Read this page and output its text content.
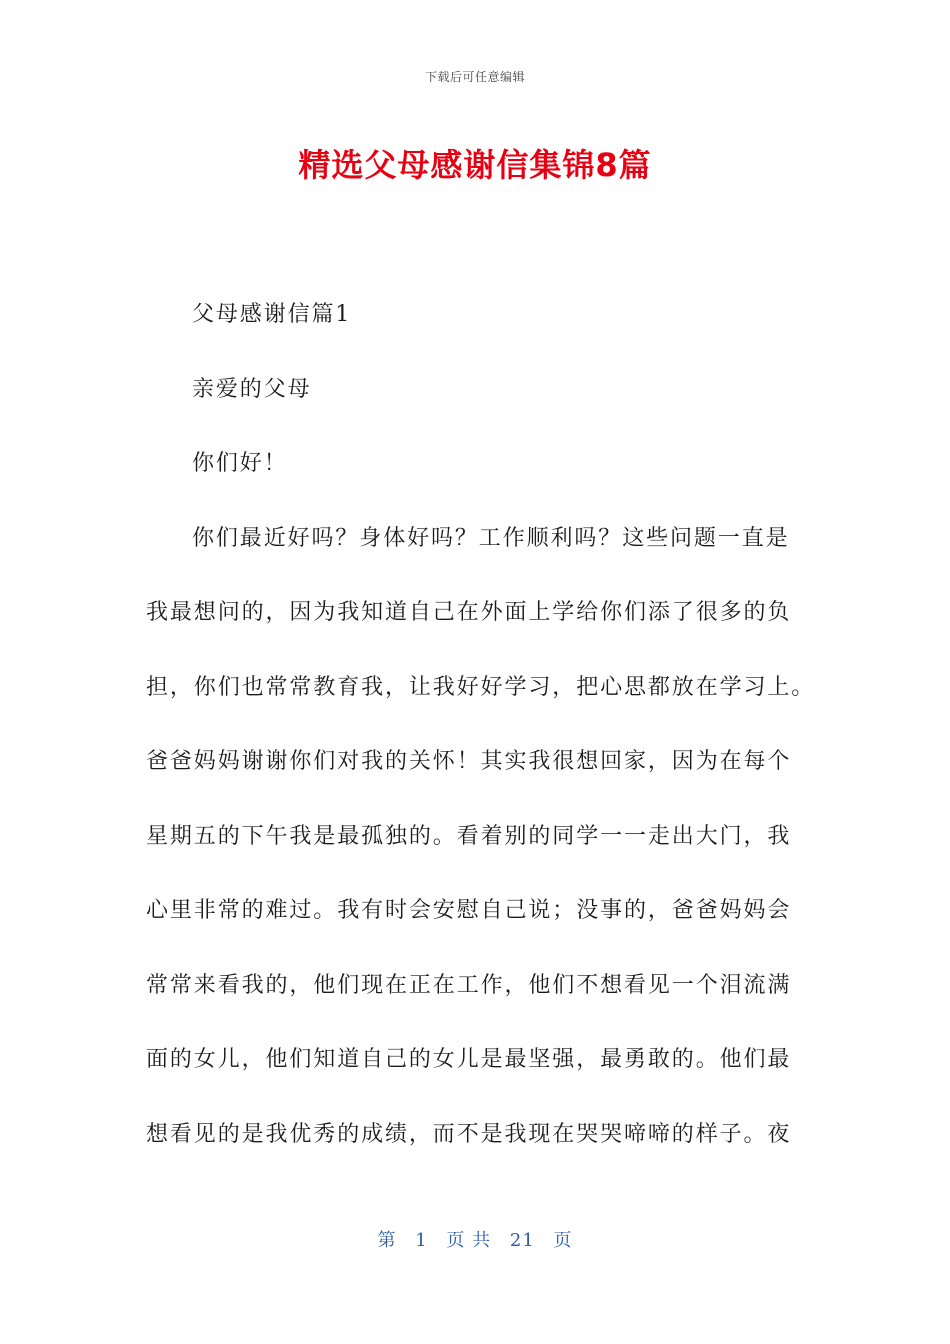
下载后可任意编辑
精选父母感谢信集锦8篇

父母感谢信篇1

亲爱的父母

你们好！

你们最近好吗？身体好吗？工作顺利吗？这些问题一直是

我最想问的，因为我知道自己在外面上学给你们添了很多的负

担，你们也常常教育我，让我好好学习，把心思都放在学习上。

爸爸妈妈谢谢你们对我的关怀！其实我很想回家，因为在每个

星期五的下午我是最孤独的。看着别的同学一一走出大门，我

心里非常的难过。我有时会安慰自己说；没事的，爸爸妈妈会

常常来看我的，他们现在正在工作，他们不想看见一个泪流满

面的女儿，他们知道自己的女儿是最坚强，最勇敢的。他们最

想看见的是我优秀的成绩，而不是我现在哭哭啼啼的样子。夜

第 1 页 共 21 页
